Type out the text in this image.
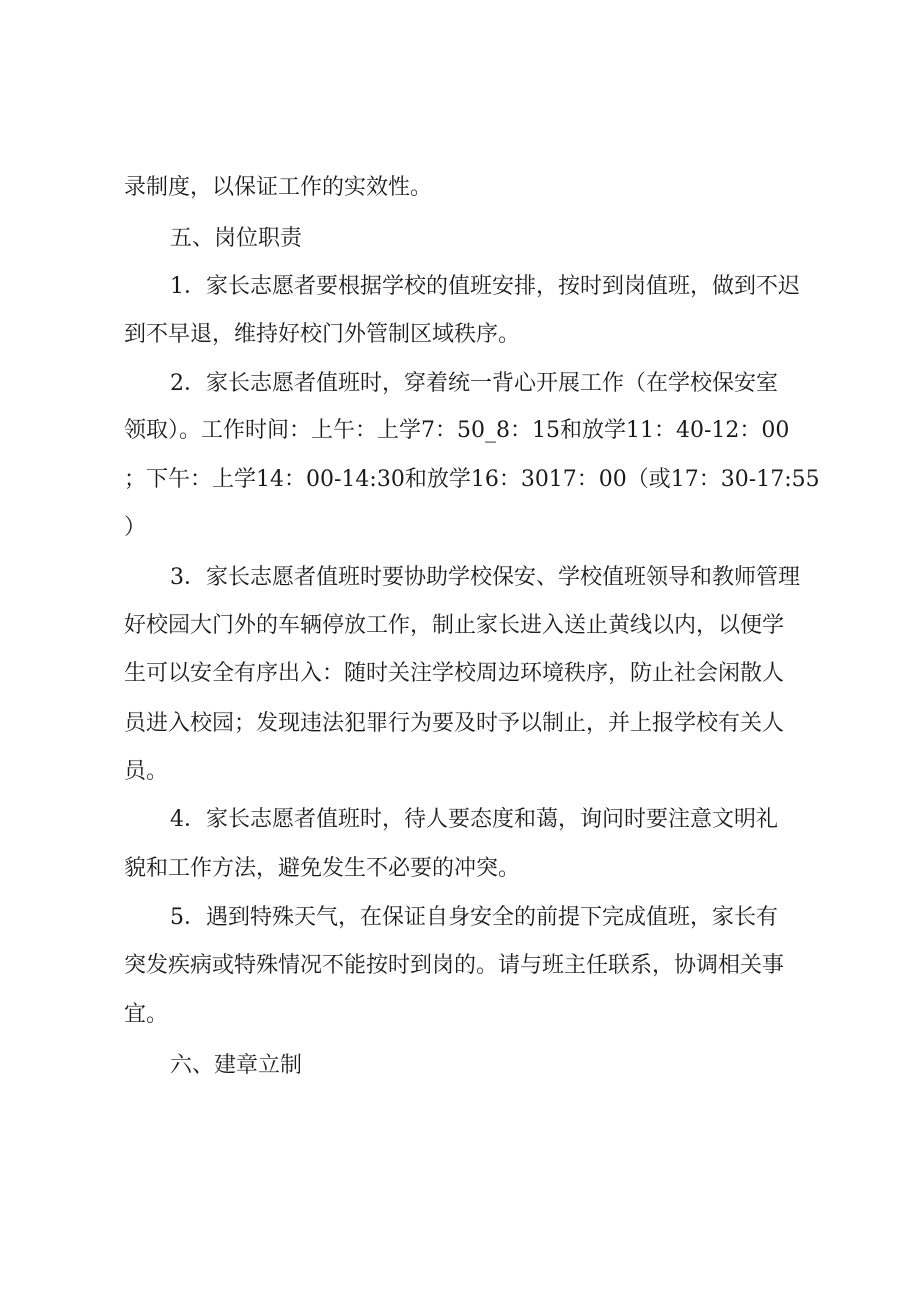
录制度，以保证工作的实效性。
五、岗位职责
1．家长志愿者要根据学校的值班安排，按时到岗值班，做到不迟
到不早退，维持好校门外管制区域秩序。
2．家长志愿者值班时，穿着统一背心开展工作（在学校保安室
领取）。工作时间：上午：上学7：50_8：15和放学11：40-12：00
；下午：上学14：00-14:30和放学16：3017：00（或17：30-17:55
）
3．家长志愿者值班时要协助学校保安、学校值班领导和教师管理
好校园大门外的车辆停放工作，制止家长进入送止黄线以内，以便学
生可以安全有序出入：随时关注学校周边环境秩序，防止社会闲散人
员进入校园；发现违法犯罪行为要及时予以制止，并上报学校有关人
员。
4．家长志愿者值班时，待人要态度和蔼，询问时要注意文明礼
貌和工作方法，避免发生不必要的冲突。
5．遇到特殊天气，在保证自身安全的前提下完成值班，家长有
突发疾病或特殊情况不能按时到岗的。请与班主任联系，协调相关事
宜。
六、建章立制
